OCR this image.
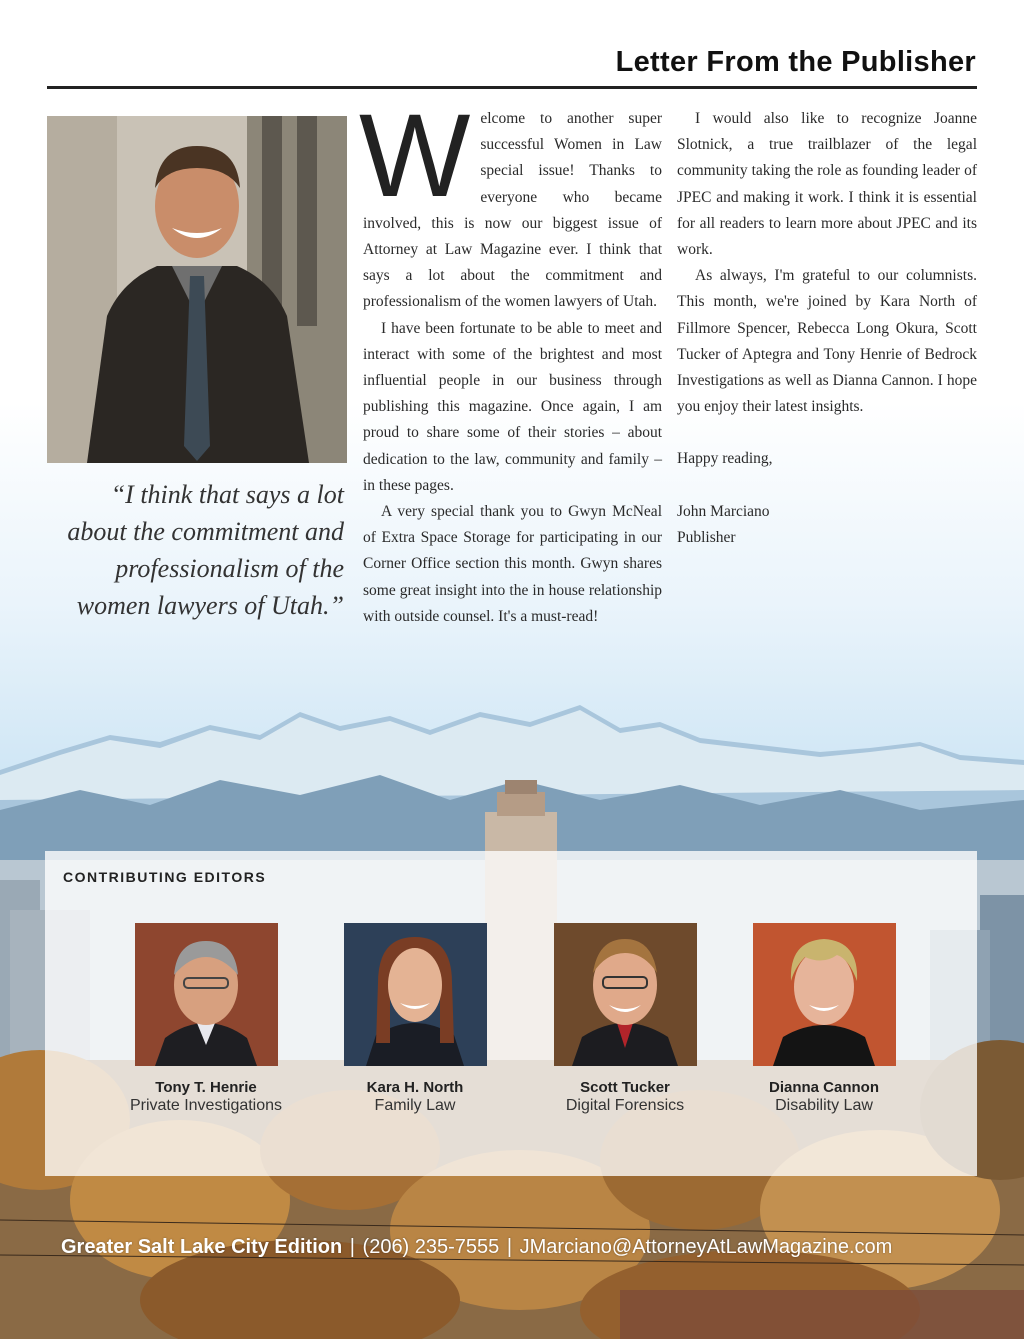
Letter From the Publisher
“I think that says a lot about the commitment and professionalism of the women lawyers of Utah.”
W elcome to another super successful Women in Law special issue! Thanks to everyone who became involved, this is now our biggest issue of Attorney at Law Magazine ever. I think that says a lot about the commitment and professionalism of the women lawyers of Utah.

I have been fortunate to be able to meet and interact with some of the brightest and most influential people in our business through publishing this magazine. Once again, I am proud to share some of their stories – about dedication to the law, community and family – in these pages.

A very special thank you to Gwyn McNeal of Extra Space Storage for participating in our Corner Office section this month. Gwyn shares some great insight into the in house relationship with outside counsel. It's a must-read!

I would also like to recognize Joanne Slotnick, a true trailblazer of the legal community taking the role as founding leader of JPEC and making it work. I think it is essential for all readers to learn more about JPEC and its work.

As always, I'm grateful to our columnists. This month, we're joined by Kara North of Fillmore Spencer, Rebecca Long Okura, Scott Tucker of Aptegra and Tony Henrie of Bedrock Investigations as well as Dianna Cannon. I hope you enjoy their latest insights.

Happy reading,

John Marciano

Publisher

CONTRIBUTING EDITORS
Tony T. Henrie
Private Investigations
Kara H. North
Family Law
Scott Tucker
Digital Forensics
Dianna Cannon
Disability Law
Greater Salt Lake City Edition | (206) 235-7555 | JMarciano@AttorneyAtLawMagazine.com
